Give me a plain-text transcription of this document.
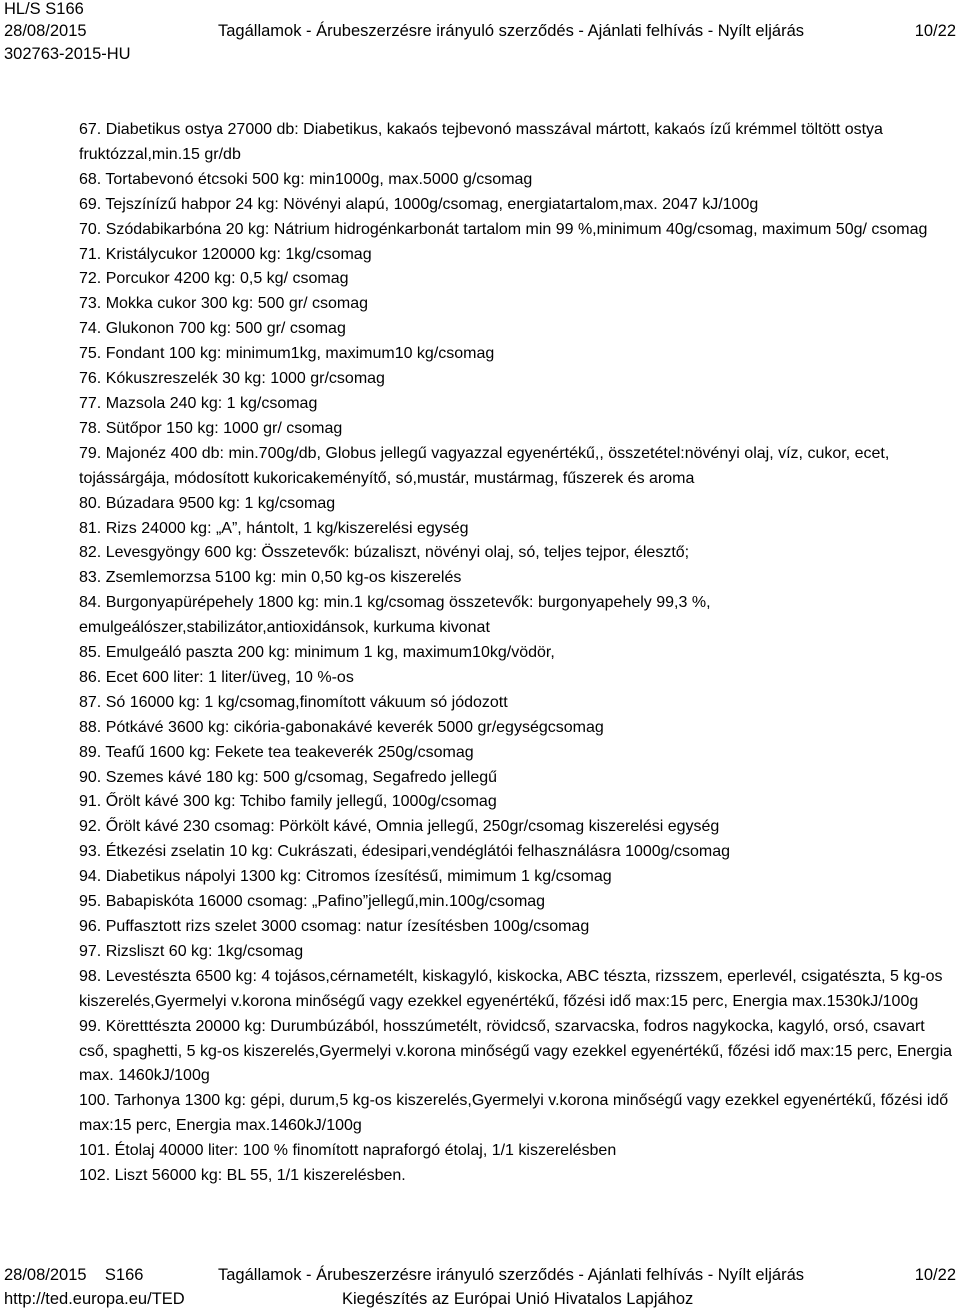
HL/S S166
28/08/2015
302763-2015-HU
Tagállamok - Árubeszerzésre irányuló szerződés - Ajánlati felhívás - Nyílt eljárás	10/22

67. Diabetikus ostya 27000 db: Diabetikus, kakaós tejbevonó masszával mártott, kakaós ízű krémmel töltött ostya fruktózzal,min.15 gr/db

68. Tortabevonó étcsoki 500 kg: min1000g, max.5000 g/csomag

69. Tejszínízű habpor 24 kg: Növényi alapú, 1000g/csomag, energiatartalom,max. 2047 kJ/100g

70. Szódabikarbóna 20 kg: Nátrium hidrogénkarbonát tartalom min 99 %,minimum 40g/csomag, maximum 50g/ csomag

71. Kristálycukor 120000 kg: 1kg/csomag

72. Porcukor 4200 kg: 0,5 kg/ csomag

73. Mokka cukor 300 kg: 500 gr/ csomag

74. Glukonon 700 kg: 500 gr/ csomag

75. Fondant 100 kg: minimum1kg, maximum10 kg/csomag

76. Kókuszreszelék 30 kg: 1000 gr/csomag

77. Mazsola 240 kg: 1 kg/csomag

78. Sütőpor 150 kg: 1000 gr/ csomag

79. Majonéz 400 db: min.700g/db, Globus jellegű vagyazzal egyenértékű,, összetétel:növényi olaj, víz, cukor, ecet, tojássárgája, módosított kukoricakeményítő, só,mustár, mustármag, fűszerek és aroma

80. Búzadara 9500 kg: 1 kg/csomag

81. Rizs 24000 kg: „A”, hántolt, 1 kg/kiszerelési egység

82. Levesgyöngy 600 kg: Összetevők: búzaliszt, növényi olaj, só, teljes tejpor, élesztő;

83. Zsemlemorzsa 5100 kg: min 0,50 kg-os kiszerelés

84. Burgonyapürépehely 1800 kg: min.1 kg/csomag összetevők: burgonyapehely 99,3 %, emulgeálószer,stabilizátor,antioxidánsok, kurkuma kivonat

85. Emulgeáló paszta 200 kg: minimum 1 kg, maximum10kg/vödör,

86. Ecet 600 liter: 1 liter/üveg, 10 %-os

87. Só 16000 kg: 1 kg/csomag,finomított vákuum só jódozott

88. Pótkávé 3600 kg: cikória-gabonakávé keverék 5000 gr/egységcsomag

89. Teafű 1600 kg: Fekete tea teakeverék 250g/csomag

90. Szemes kávé 180 kg: 500 g/csomag, Segafredo jellegű

91. Őrölt kávé 300 kg: Tchibo family jellegű, 1000g/csomag

92. Őrölt kávé 230 csomag: Pörkölt kávé, Omnia jellegű, 250gr/csomag kiszerelési egység

93. Étkezési zselatin 10 kg: Cukrászati, édesipari,vendéglátói felhasználásra 1000g/csomag

94. Diabetikus nápolyi 1300 kg: Citromos ízesítésű, mimimum 1 kg/csomag

95. Babapiskóta 16000 csomag: „Pafino”jellegű,min.100g/csomag

96. Puffasztott rizs szelet 3000 csomag: natur ízesítésben 100g/csomag

97. Rizsliszt 60 kg: 1kg/csomag

98. Levestészta 6500 kg: 4 tojásos,cérnametélt, kiskagyló, kiskocka, ABC tészta, rizsszem, eperlevél, csigatészta, 5 kg-os kiszerelés,Gyermelyi v.korona minőségű vagy ezekkel egyenértékű, főzési idő max:15 perc, Energia max.1530kJ/100g

99. Köretttészta 20000 kg: Durumbúzából, hosszúmetélt, rövidcső, szarvacska, fodros nagykocka, kagyló, orsó, csavart cső, spaghetti, 5 kg-os kiszerelés,Gyermelyi v.korona minőségű vagy ezekkel egyenértékű, főzési idő max:15 perc, Energia max. 1460kJ/100g

100. Tarhonya 1300 kg: gépi, durum,5 kg-os kiszerelés,Gyermelyi v.korona minőségű vagy ezekkel egyenértékű, főzési idő max:15 perc, Energia max.1460kJ/100g

101. Étolaj 40000 liter: 100 % finomított napraforgó étolaj, 1/1 kiszerelésben

102. Liszt 56000 kg: BL 55, 1/1 kiszerelésben.

28/08/2015    S166
http://ted.europa.eu/TED
Tagállamok - Árubeszerzésre irányuló szerződés - Ajánlati felhívás - Nyílt eljárás	10/22
Kiegészítés az Európai Unió Hivatalos Lapjához
